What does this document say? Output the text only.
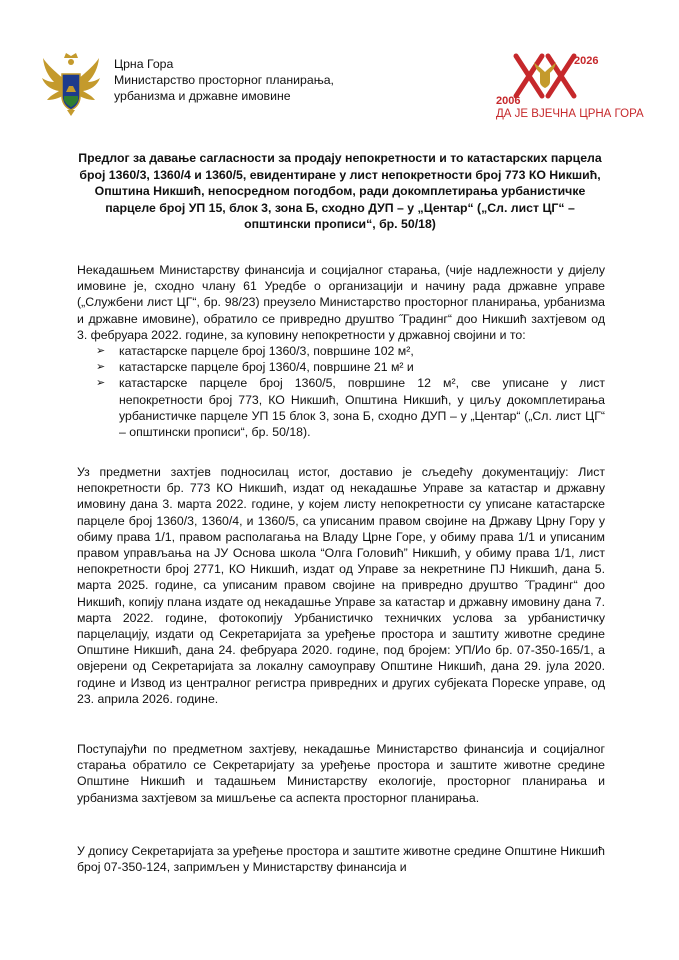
Црна Гора
Министарство просторног планирања,
урбанизма и државне имовине	2006
2026
ДА ЈЕ ВЈЕЧНА ЦРНА ГОРА
Предлог за давање сагласности за продају непокретности и то катастарских парцела број 1360/3, 1360/4 и 1360/5, евидентиране у лист непокретности број 773 КО Никшић, Општина Никшић, непосредном погодбом, ради докомплетирања урбанистичке парцеле број УП 15, блок 3, зона Б, сходно ДУП – у „Центар“ („Сл. лист ЦГ“ – општински прописи“, бр. 50/18)

Некадашњем Министарству финансија и социјалног старања, (чије надлежности у дијелу имовине је, сходно члану 61 Уредбе о организацији и начину рада државне управе („Службени лист ЦГ“, бр. 98/23) преузело Министарство просторног планирања, урбанизма и државне имовине), обратило се привредно друштво ˝Градинг“ доо Никшић захтјевом од 3. фебруара 2022. године, за куповину непокретности у државној својини и то:

➢ катастарске парцеле број 1360/3, површине 102 м²,
➢ катастарске парцеле број 1360/4, површине 21 м² и
➢ катастарске парцеле број 1360/5, површине 12 м², све уписане у лист непокретности број 773, КО Никшић, Општина Никшић, у циљу докомплетирања урбанистичке парцеле УП 15 блок 3, зона Б, сходно ДУП – у „Центар“ („Сл. лист ЦГ“ – општински прописи“, бр. 50/18).
Уз предметни захтјев подносилац истог, доставио је сљедећу документацију: Лист непокретности бр. 773 КО Никшић, издат од некадашње Управе за катастар и државну имовину дана 3. марта 2022. године, у којем листу непокретности су уписане катастарске парцеле број 1360/3, 1360/4, и 1360/5, са уписаним правом својине на Државу Црну Гору у обиму права 1/1, правом располагања на Владу Црне Горе, у обиму права 1/1 и уписаним правом управљања на ЈУ Основа школа “Олга Головић” Никшић, у обиму права 1/1, лист непокретности број 2771, КО Никшић, издат од Управе за некретнине ПЈ Никшић, дана 5. марта 2025. године, са уписаним правом својине на привредно друштво ˝Градинг“ доо Никшић, копију плана издате од некадашње Управе за катастар и државну имовину дана 7. марта 2022. године, фотокопију Урбанистичко техничких услова за урбанистичку парцелацију, издати од Секретаријата за уређење простора и заштиту животне средине Општине Никшић, дана 24. фебруара 2020. године, под бројем: УП/Ио бр. 07-350-165/1, а овјерени од Секретаријата за локалну самоуправу Општине Никшић, дана 29. јула 2020. године и Извод из централног регистра привредних и других субјеката Пореске управе, од 23. априла 2026. године.
Поступајући по предметном захтјеву, некадашње Министарство финансија и социјалног старања обратило се Секретаријату за уређење простора и заштите животне средине Општине Никшић и тадашњем Министарству екологије, просторног планирања и урбанизма захтјевом за мишљење са аспекта просторног планирања.
У допису Секретаријата за уређење простора и заштите животне средине Општине Никшић број 07-350-124, запримљен у Министарству финансија и
